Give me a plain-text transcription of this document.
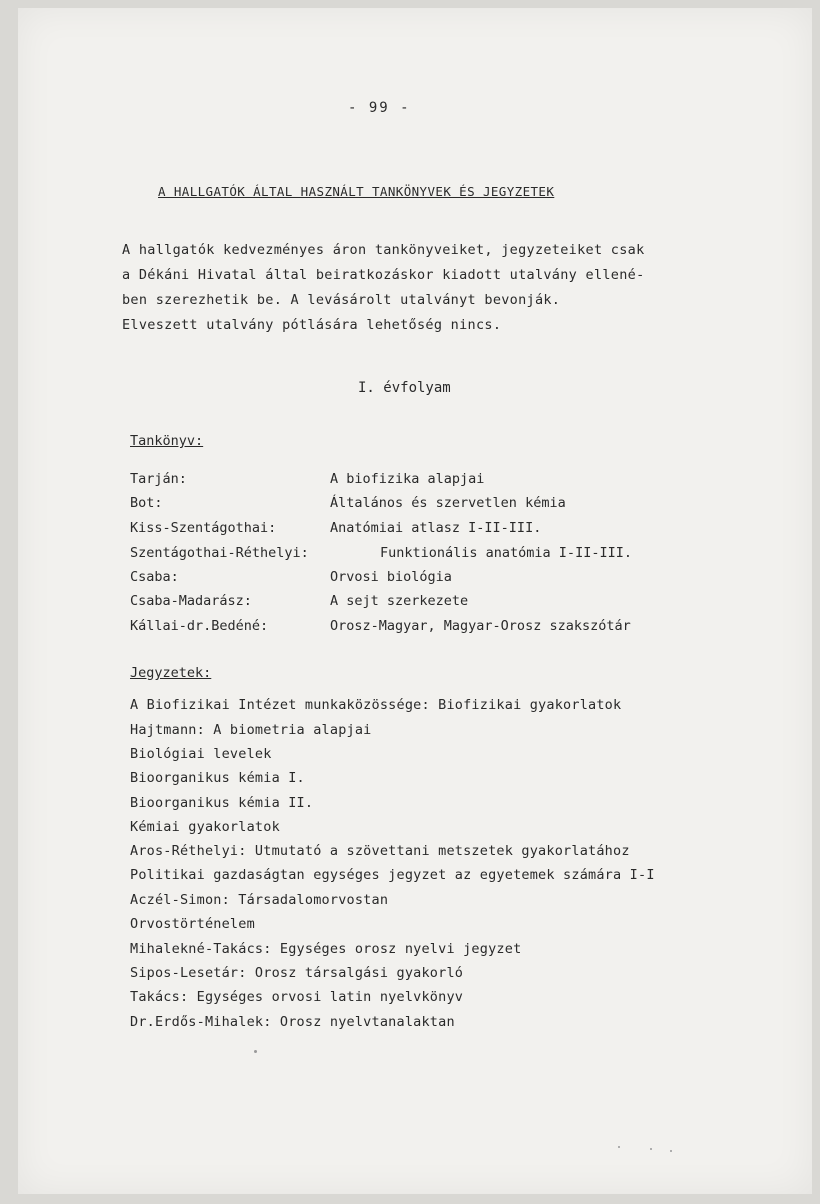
- 99 -
A HALLGATÓK ÁLTAL HASZNÁLT TANKÖNYVEK ÉS JEGYZETEK
A hallgatók kedvezményes áron tankönyveiket, jegyzeteiket csak
a Dékáni Hivatal által beiratkozáskor kiadott utalvány ellené-
ben szerezhetik be. A levásárolt utalványt bevonják.
Elveszett utalvány pótlására lehetőség nincs.
I. évfolyam
Tankönyv:
Tarján:	A biofizika alapjai
Bot:	Általános és szervetlen kémia
Kiss-Szentágothai:	Anatómiai atlasz I-II-III.
Szentágothai-Réthelyi:	Funktionális anatómia I-II-III.
Csaba:	Orvosi biológia
Csaba-Madarász:	A sejt szerkezete
Kállai-dr.Bedéné:	Orosz-Magyar, Magyar-Orosz szakszótár
Jegyzetek:
A Biofizikai Intézet munkaközössége: Biofizikai gyakorlatok
Hajtmann: A biometria alapjai
Biológiai levelek
Bioorganikus kémia I.
Bioorganikus kémia II.
Kémiai gyakorlatok
Aros-Réthelyi: Utmutató a szövettani metszetek gyakorlatához
Politikai gazdaságtan egységes jegyzet az egyetemek számára I-I
Aczél-Simon: Társadalomorvostan
Orvostörténelem
Mihalekné-Takács: Egységes orosz nyelvi jegyzet
Sipos-Lesetár: Orosz társalgási gyakorló
Takács: Egységes orvosi latin nyelvkönyv
Dr.Erdős-Mihalek: Orosz nyelvtanalaktan
